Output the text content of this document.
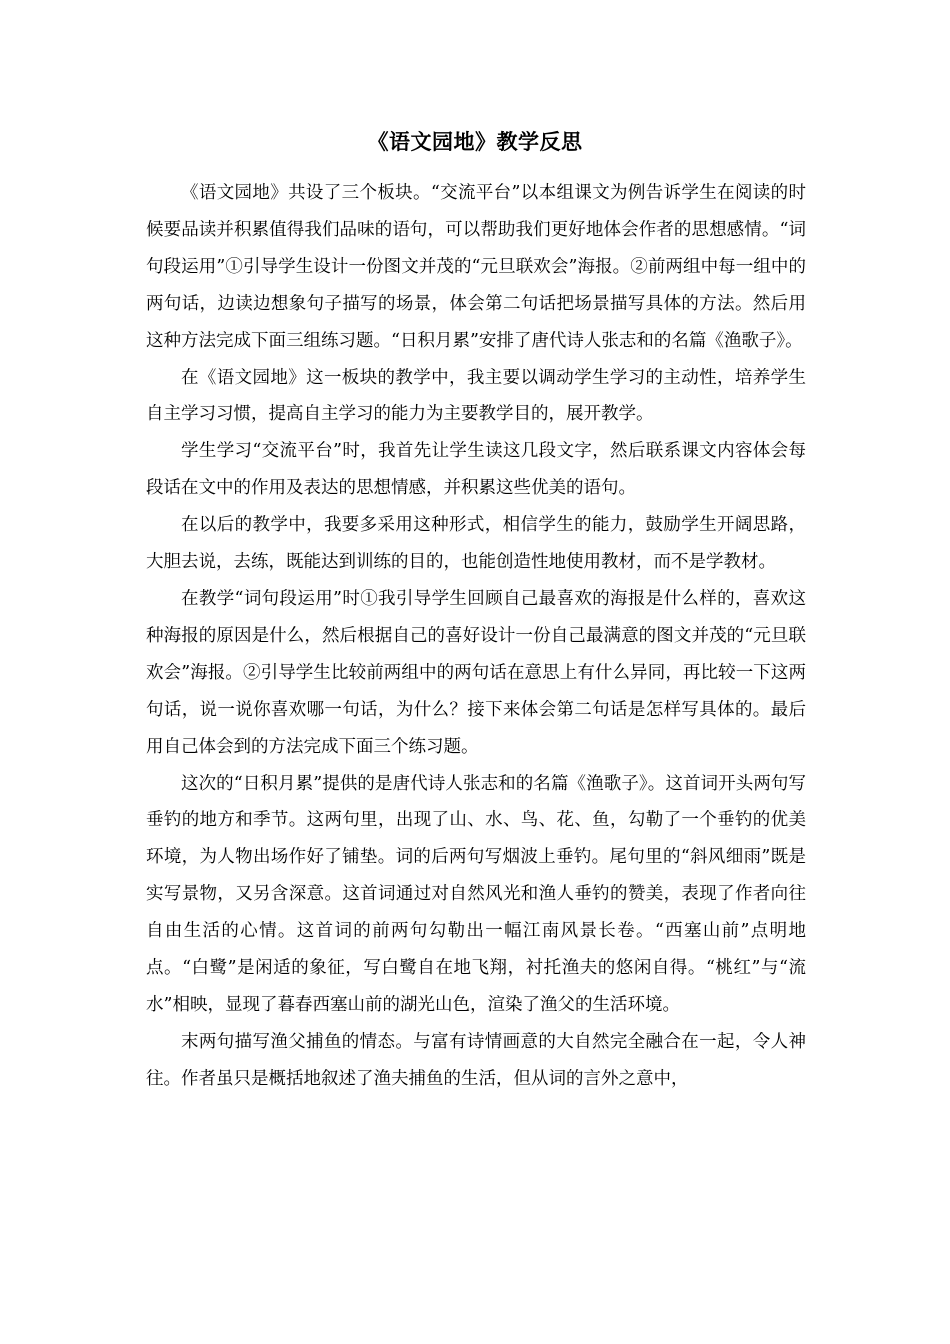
《语文园地》教学反思

《语文园地》共设了三个板块。“交流平台”以本组课文为例告诉学生在阅读的时候要品读并积累值得我们品味的语句，可以帮助我们更好地体会作者的思想感情。“词句段运用”①引导学生设计一份图文并茂的“元旦联欢会”海报。②前两组中每一组中的两句话，边读边想象句子描写的场景，体会第二句话把场景描写具体的方法。然后用这种方法完成下面三组练习题。“日积月累”安排了唐代诗人张志和的名篇《渔歌子》。

在《语文园地》这一板块的教学中，我主要以调动学生学习的主动性，培养学生自主学习习惯，提高自主学习的能力为主要教学目的，展开教学。

学生学习“交流平台”时，我首先让学生读这几段文字，然后联系课文内容体会每段话在文中的作用及表达的思想情感，并积累这些优美的语句。

在以后的教学中，我要多采用这种形式，相信学生的能力，鼓励学生开阔思路，大胆去说，去练，既能达到训练的目的，也能创造性地使用教材，而不是学教材。

在教学“词句段运用”时①我引导学生回顾自己最喜欢的海报是什么样的，喜欢这种海报的原因是什么，然后根据自己的喜好设计一份自己最满意的图文并茂的“元旦联欢会”海报。②引导学生比较前两组中的两句话在意思上有什么异同，再比较一下这两句话，说一说你喜欢哪一句话，为什么？接下来体会第二句话是怎样写具体的。最后用自己体会到的方法完成下面三个练习题。

这次的“日积月累”提供的是唐代诗人张志和的名篇《渔歌子》。这首词开头两句写垂钓的地方和季节。这两句里，出现了山、水、鸟、花、鱼，勾勒了一个垂钓的优美环境，为人物出场作好了铺垫。词的后两句写烟波上垂钓。尾句里的“斜风细雨”既是实写景物，又另含深意。这首词通过对自然风光和渔人垂钓的赞美，表现了作者向往自由生活的心情。这首词的前两句勾勒出一幅江南风景长卷。“西塞山前”点明地点。“白鹭”是闲适的象征，写白鹭自在地飞翔，衬托渔夫的悠闲自得。“桃红”与“流水”相映，显现了暮春西塞山前的湖光山色，渲染了渔父的生活环境。

末两句描写渔父捕鱼的情态。与富有诗情画意的大自然完全融合在一起，令人神往。作者虽只是概括地叙述了渔夫捕鱼的生活，但从词的言外之意中，
